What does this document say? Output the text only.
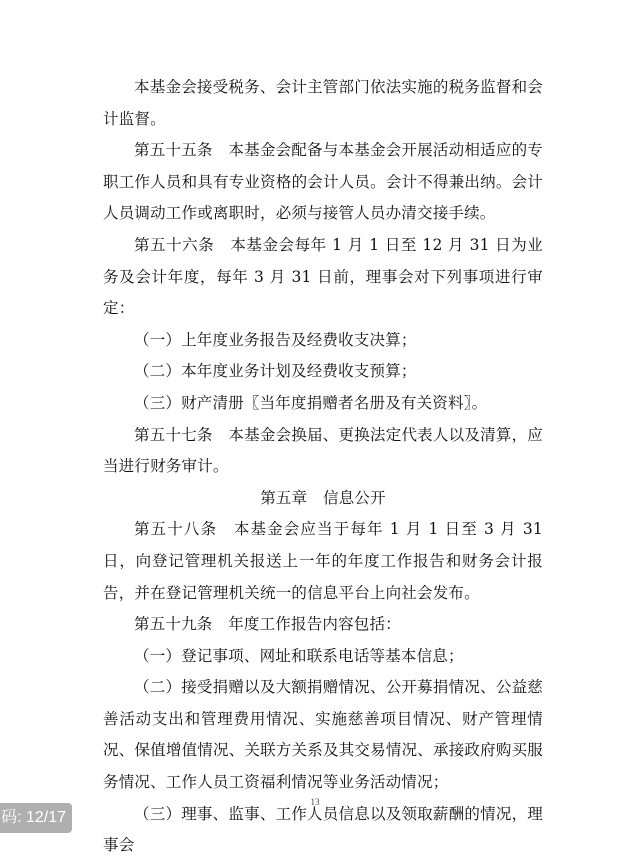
本基金会接受税务、会计主管部门依法实施的税务监督和会计监督。

第五十五条　本基金会配备与本基金会开展活动相适应的专职工作人员和具有专业资格的会计人员。会计不得兼出纳。会计人员调动工作或离职时，必须与接管人员办清交接手续。

第五十六条　本基金会每年 1 月 1 日至 12 月 31 日为业务及会计年度，每年 3 月 31 日前，理事会对下列事项进行审定：

（一）上年度业务报告及经费收支决算；

（二）本年度业务计划及经费收支预算；

（三）财产清册〖当年度捐赠者名册及有关资料〗。

第五十七条　本基金会换届、更换法定代表人以及清算，应当进行财务审计。

第五章　信息公开

第五十八条　本基金会应当于每年 1 月 1 日至 3 月 31 日，向登记管理机关报送上一年的年度工作报告和财务会计报告，并在登记管理机关统一的信息平台上向社会发布。

第五十九条　年度工作报告内容包括：

（一）登记事项、网址和联系电话等基本信息；

（二）接受捐赠以及大额捐赠情况、公开募捐情况、公益慈善活动支出和管理费用情况、实施慈善项目情况、财产管理情况、保值增值情况、关联方关系及其交易情况、承接政府购买服务情况、工作人员工资福利情况等业务活动情况；

（三）理事、监事、工作人员信息以及领取薪酬的情况，理事会

13
码: 12/17
